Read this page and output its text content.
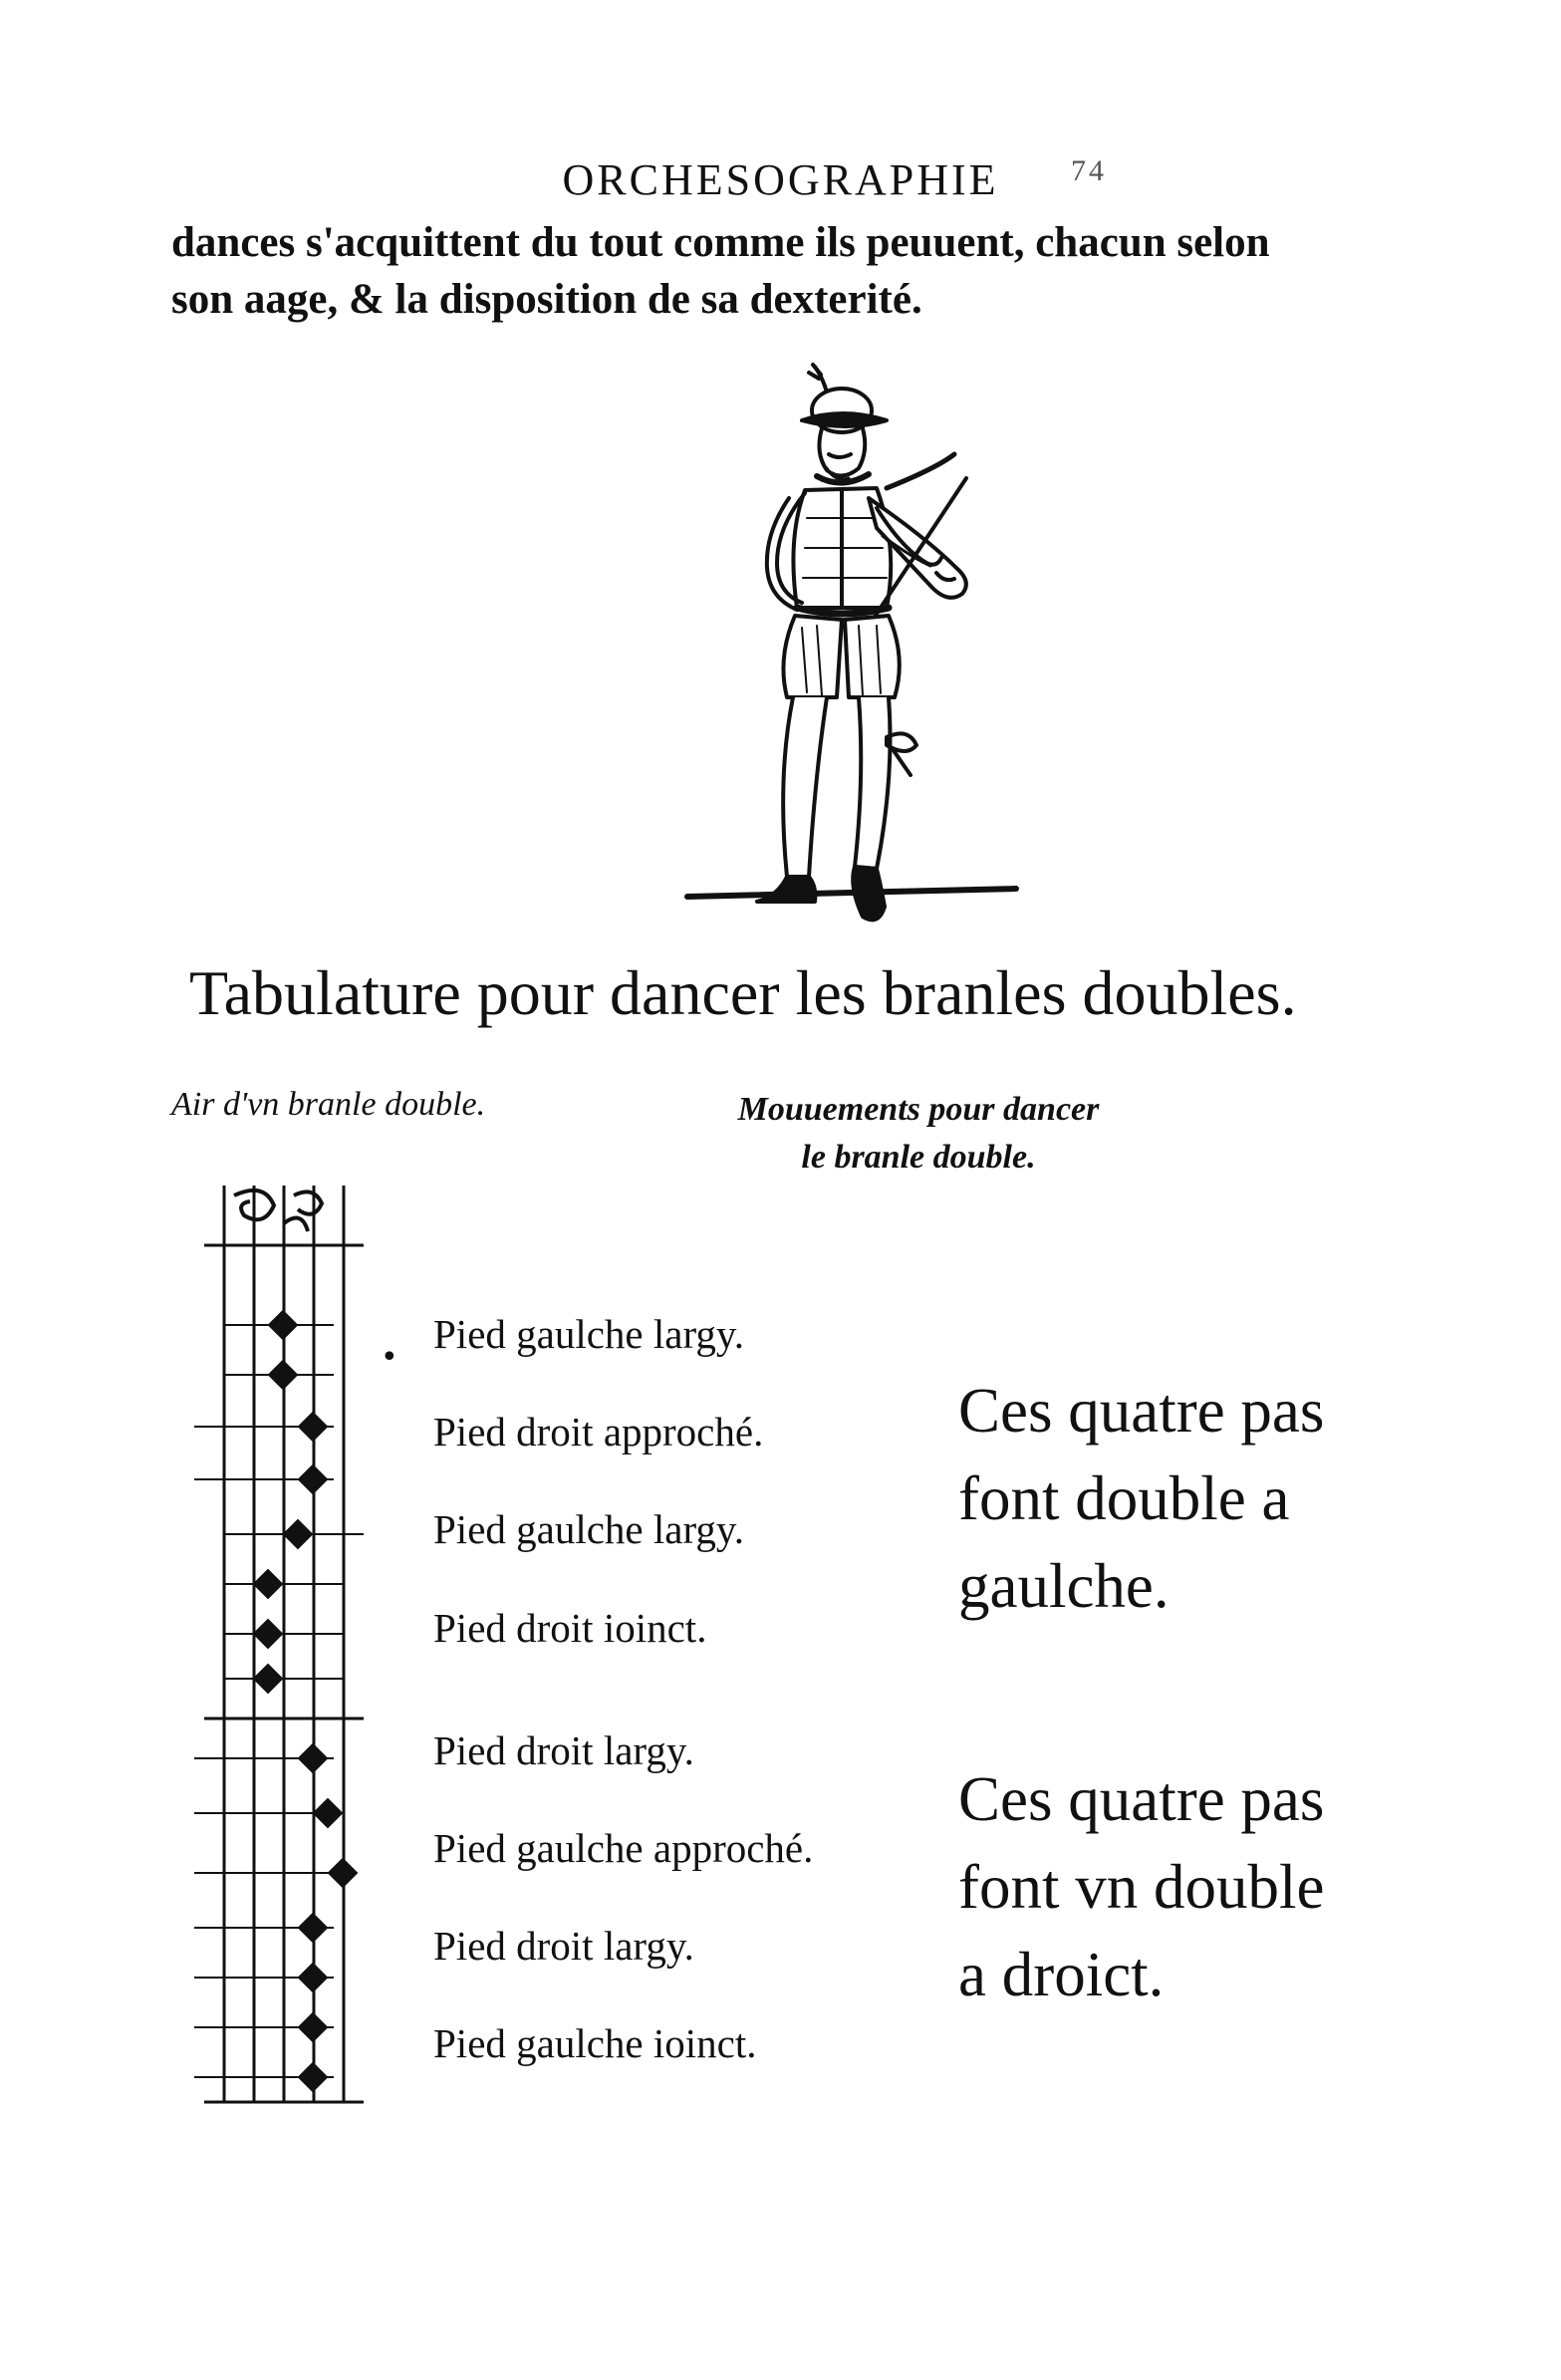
ORCHESOGRAPHIE 74
dances s'acquittent du tout comme ils peuuent, chacun selon
son aage, & la disposition de sa dexterité.
Tabulature pour dancer les branles doubles.
Air d'vn branle double.	Mouuements pour dancer
le branle double.
•
Pied gaulche largy.
Pied droit approché.
Pied gaulche largy.
Pied droit ioinct.
Pied droit largy.
Pied gaulche approché.
Pied droit largy.
Pied gaulche ioinct.
Ces quatre pas
font double a
gaulche.
Ces quatre pas
font vn double
a droict.
